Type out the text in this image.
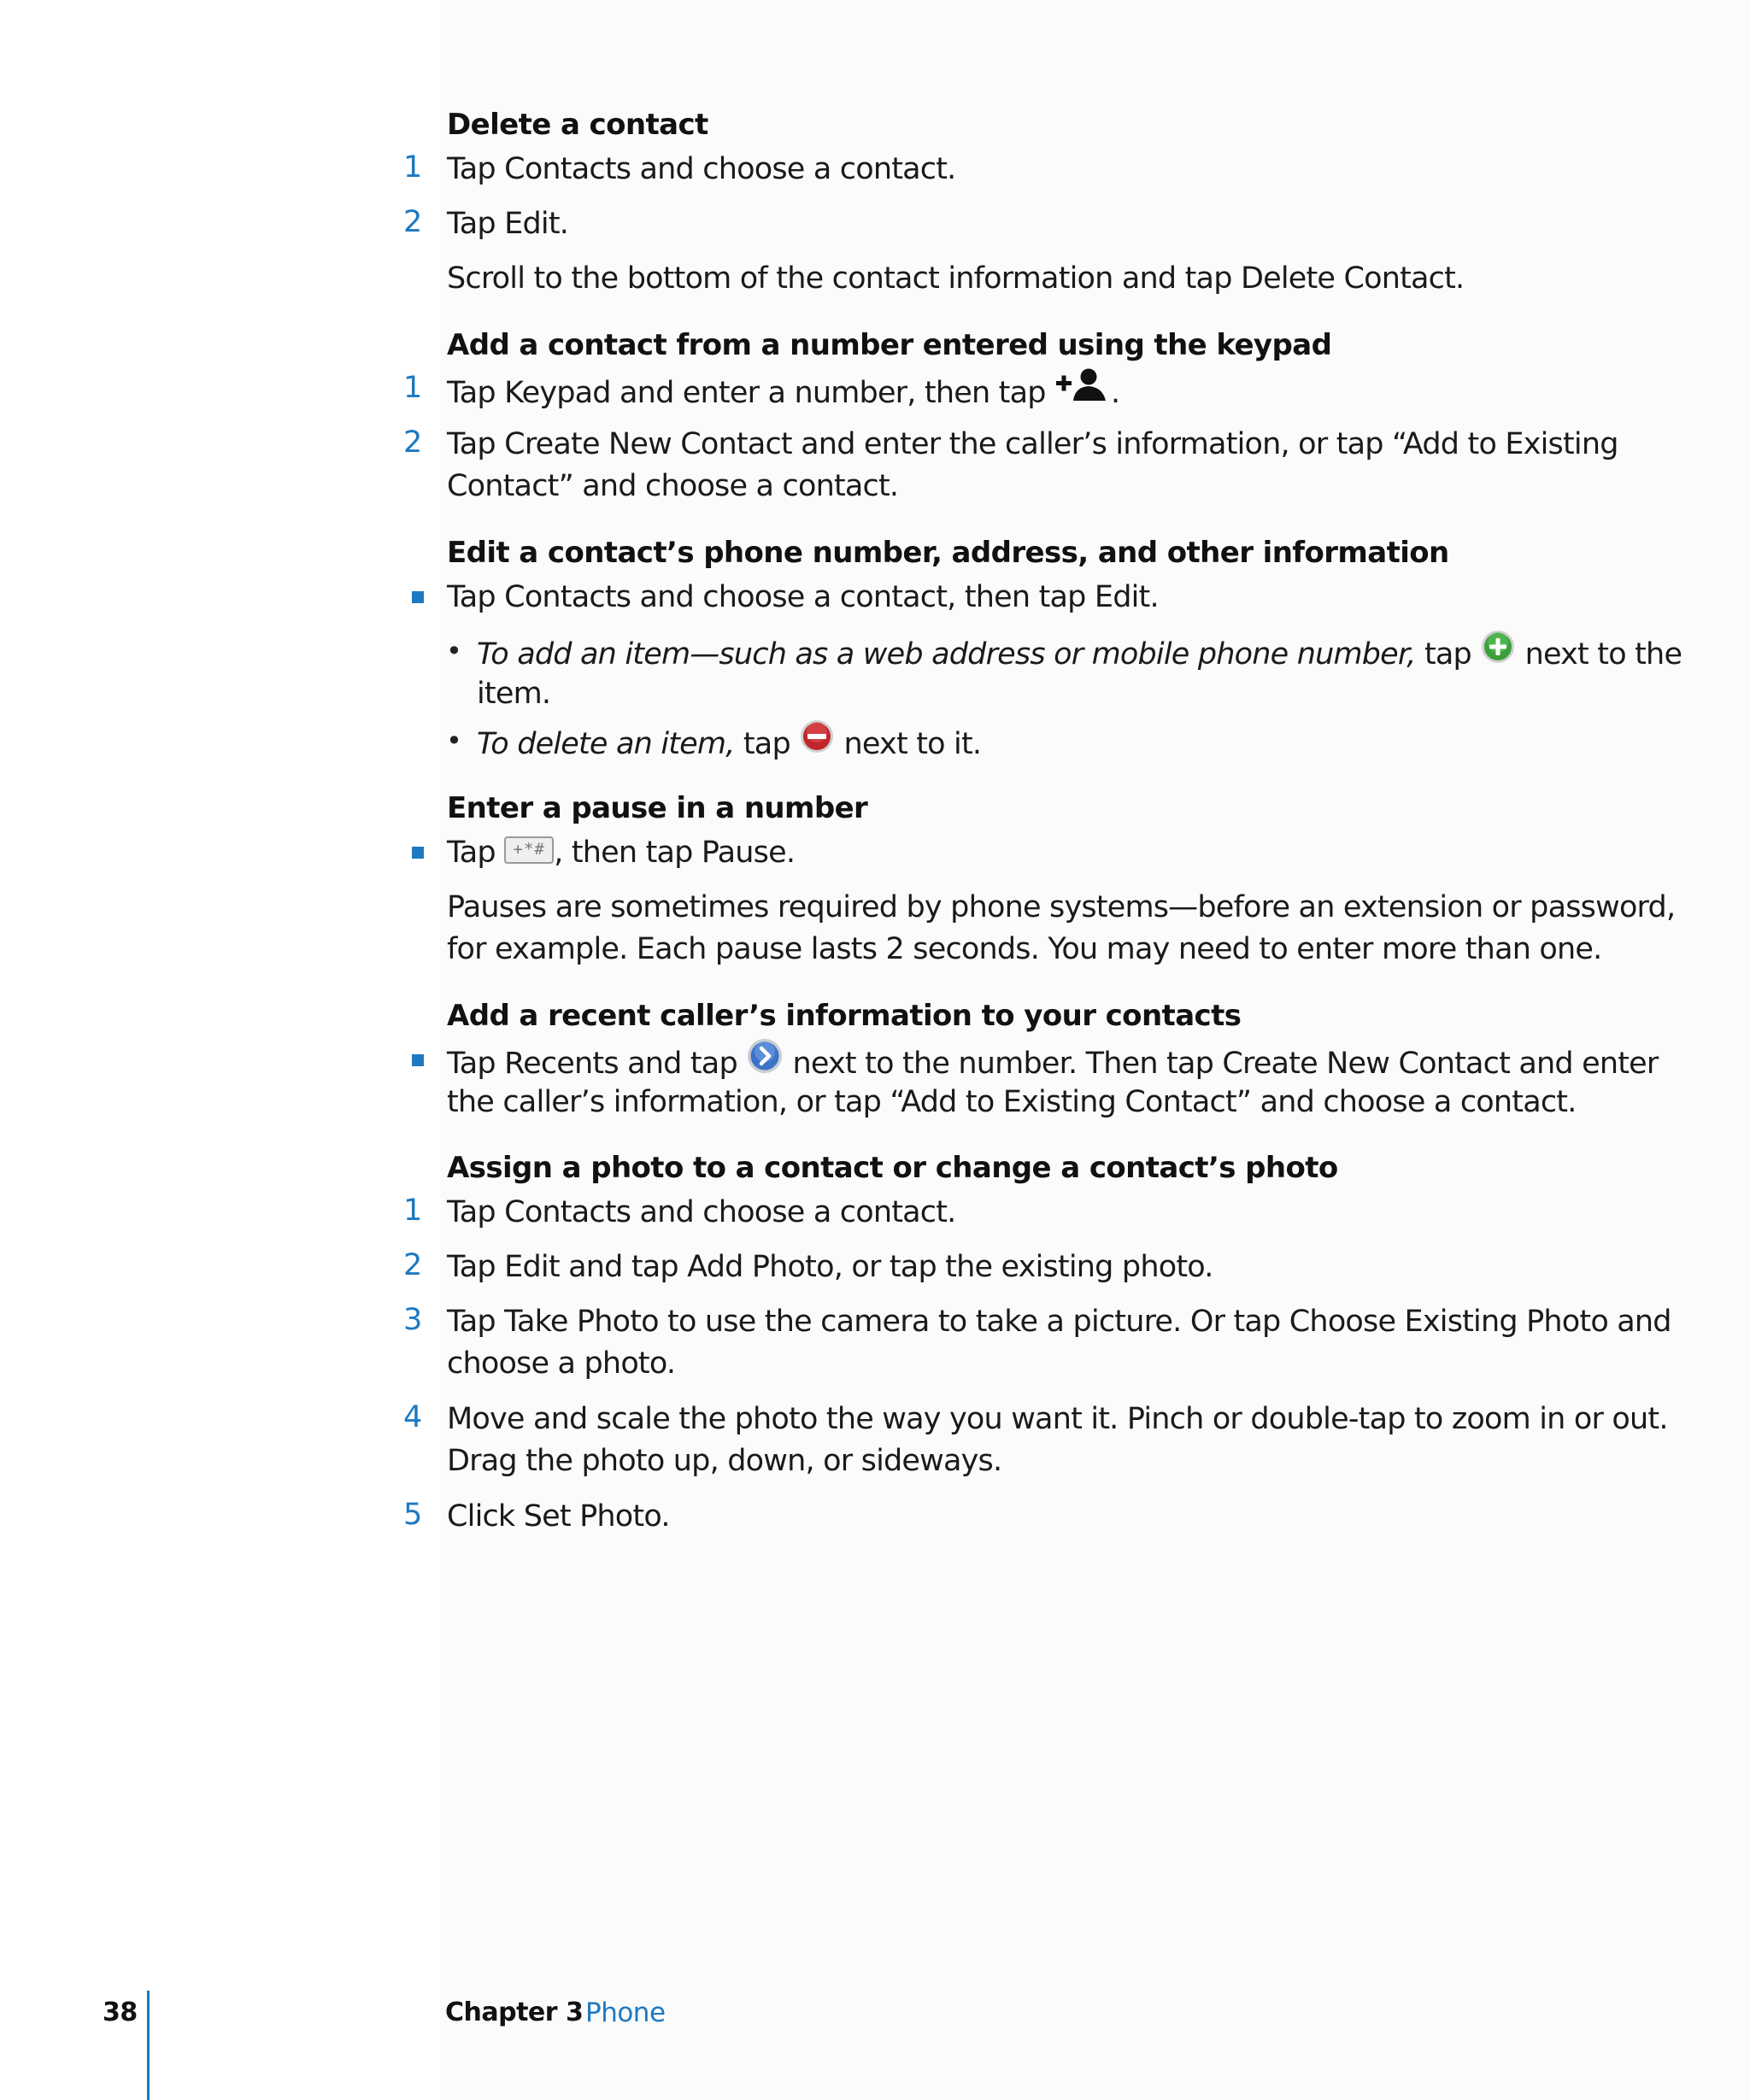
Delete a contact
1 Tap Contacts and choose a contact.
2 Tap Edit.
Scroll to the bottom of the contact information and tap Delete Contact.
Add a contact from a number entered using the keypad
1 Tap Keypad and enter a number, then tap .
2 Tap Create New Contact and enter the caller’s information, or tap “Add to Existing
Contact” and choose a contact.
Edit a contact’s phone number, address, and other information
Tap Contacts and choose a contact, then tap Edit.
• To add an item—such as a web address or mobile phone number, tap next to the
item.
• To delete an item, tap next to it.
Enter a pause in a number
Tap +*# , then tap Pause.
Pauses are sometimes required by phone systems—before an extension or password,
for example. Each pause lasts 2 seconds. You may need to enter more than one.
Add a recent caller’s information to your contacts
Tap Recents and tap next to the number. Then tap Create New Contact and enter
the caller’s information, or tap “Add to Existing Contact” and choose a contact.
Assign a photo to a contact or change a contact’s photo
1 Tap Contacts and choose a contact.
2 Tap Edit and tap Add Photo, or tap the existing photo.
3 Tap Take Photo to use the camera to take a picture. Or tap Choose Existing Photo and
choose a photo.
4 Move and scale the photo the way you want it. Pinch or double-tap to zoom in or out.
Drag the photo up, down, or sideways.
5 Click Set Photo.
38	Chapter 3 Phone
